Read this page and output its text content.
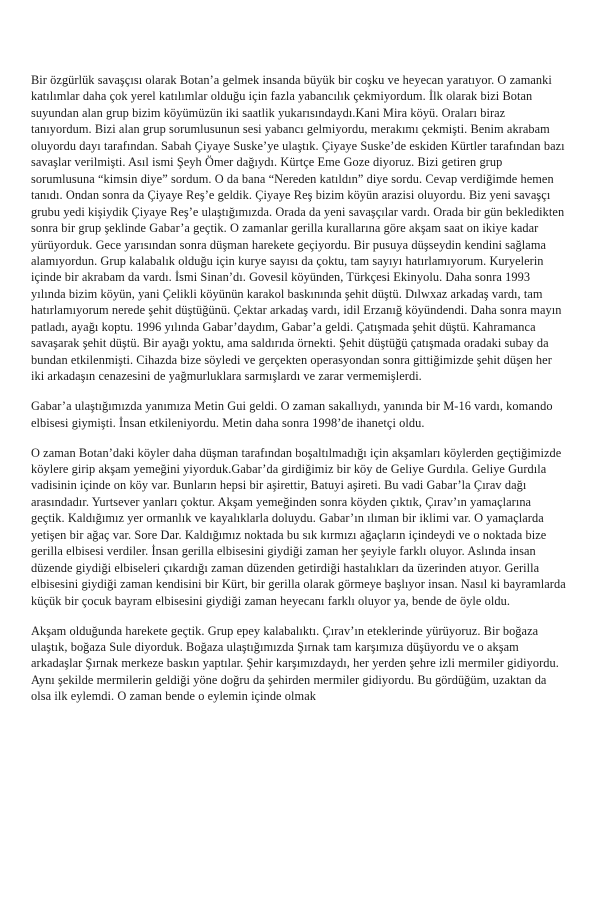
Bir özgürlük savaşçısı olarak Botan’a gelmek insanda büyük bir coşku ve heyecan yaratıyor. O zamanki katılımlar daha çok yerel katılımlar olduğu için fazla yabancılık çekmiyordum. İlk olarak bizi Botan suyundan alan grup bizim köyümüzün iki saatlik yukarısındaydı.Kani Mira köyü. Oraları biraz tanıyordum. Bizi alan grup sorumlusunun sesi yabancı gelmiyordu, merakımı çekmişti. Benim akrabam oluyordu dayı tarafından. Sabah Çiyaye Suske’ye ulaştık. Çiyaye Suske’de eskiden Kürtler tarafından bazı savaşlar verilmişti. Asıl ismi Şeyh Ömer dağıydı. Kürtçe Eme Goze diyoruz. Bizi getiren grup sorumlusuna “kimsin diye” sordum. O da bana “Nereden katıldın” diye sordu. Cevap verdiğimde hemen tanıdı. Ondan sonra da Çiyaye Reş’e geldik. Çiyaye Reş bizim köyün arazisi oluyordu. Biz yeni savaşçı grubu yedi kişiydik Çiyaye Reş’e ulaştığımızda. Orada da yeni savaşçılar vardı. Orada bir gün bekledikten sonra bir grup şeklinde Gabar’a geçtik. O zamanlar gerilla kurallarına göre akşam saat on ikiye kadar yürüyorduk. Gece yarısından sonra düşman harekete geçiyordu. Bir pusuya düşseydin kendini sağlama alamıyordun. Grup kalabalık olduğu için kurye sayısı da çoktu, tam sayıyı hatırlamıyorum. Kuryelerin içinde bir akrabam da vardı. İsmi Sinan’dı. Govesil köyünden, Türkçesi Ekinyolu. Daha sonra 1993 yılında bizim köyün, yani Çelikli köyünün karakol baskınında şehit düştü. Dılwxaz arkadaş vardı, tam hatırlamıyorum nerede şehit düştüğünü. Çektar arkadaş vardı, idil Erzanığ köyündendi. Daha sonra mayın patladı, ayağı koptu. 1996 yılında Gabar’daydım, Gabar’a geldi. Çatışmada şehit düştü. Kahramanca savaşarak şehit düştü. Bir ayağı yoktu, ama saldırıda örnekti. Şehit düştüğü çatışmada oradaki subay da bundan etkilenmişti. Cihazda bize söyledi ve gerçekten operasyondan sonra gittiğimizde şehit düşen her iki arkadaşın cenazesini de yağmurluklara sarmışlardı ve zarar vermemişlerdi.

Gabar’a ulaştığımızda yanımıza Metin Gui geldi. O zaman sakallıydı, yanında bir M-16 vardı, komando elbisesi giymişti. İnsan etkileniyordu. Metin daha sonra 1998’de ihanetçi oldu.

O zaman Botan’daki köyler daha düşman tarafından boşaltılmadığı için akşamları köylerden geçtiğimizde köylere girip akşam yemeğini yiyorduk.Gabar’da girdiğimiz bir köy de Geliye Gurdıla. Geliye Gurdıla vadisinin içinde on köy var. Bunların hepsi bir aşirettir, Batuyi aşireti. Bu vadi Gabar’la Çırav dağı arasındadır. Yurtsever yanları çoktur. Akşam yemeğinden sonra köyden çıktık, Çırav’ın yamaçlarına geçtik. Kaldığımız yer ormanlık ve kayalıklarla doluydu. Gabar’ın ılıman bir iklimi var. O yamaçlarda yetişen bir ağaç var. Sore Dar. Kaldığımız noktada bu sık kırmızı ağaçların içindeydi ve o noktada bize gerilla elbisesi verdiler. İnsan gerilla elbisesini giydiği zaman her şeyiyle farklı oluyor. Aslında insan düzende giydiği elbiseleri çıkardığı zaman düzenden getirdiği hastalıkları da üzerinden atıyor. Gerilla elbisesini giydiği zaman kendisini bir Kürt, bir gerilla olarak görmeye başlıyor insan. Nasıl ki bayramlarda küçük bir çocuk bayram elbisesini giydiği zaman heyecanı farklı oluyor ya, bende de öyle oldu.

Akşam olduğunda harekete geçtik. Grup epey kalabalıktı. Çırav’ın eteklerinde yürüyoruz. Bir boğaza ulaştık, boğaza Sule diyorduk. Boğaza ulaştığımızda Şırnak tam karşımıza düşüyordu ve o akşam arkadaşlar Şırnak merkeze baskın yaptılar. Şehir karşımızdaydı, her yerden şehre izli mermiler gidiyordu. Aynı şekilde mermilerin geldiği yöne doğru da şehirden mermiler gidiyordu. Bu gördüğüm, uzaktan da olsa ilk eylemdi. O zaman bende o eylemin içinde olmak
